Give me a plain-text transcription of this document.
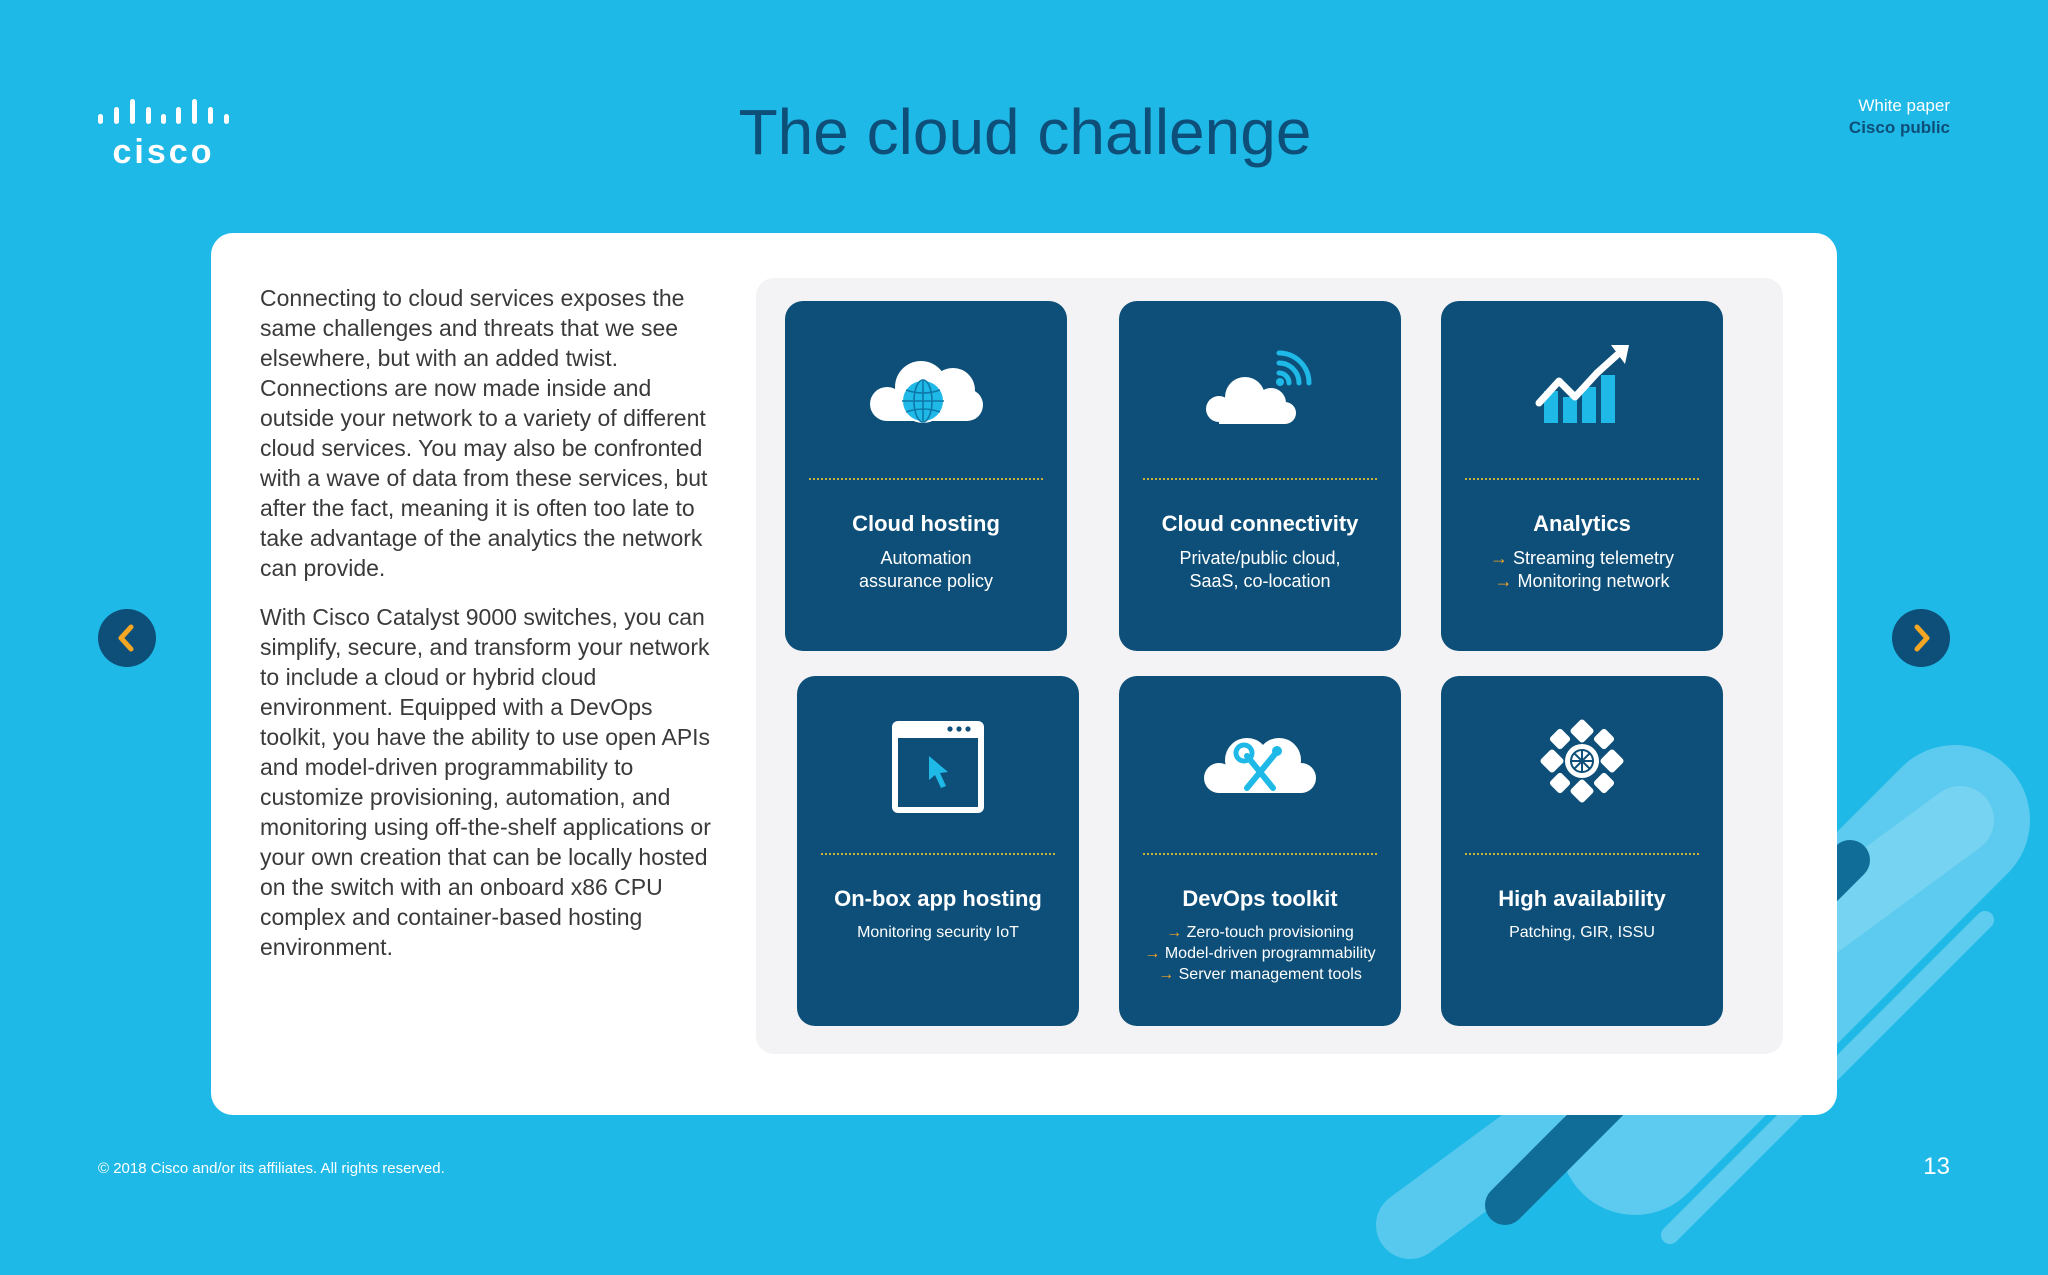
cisco	The cloud challenge	White paper
Cisco public

Connecting to cloud services exposes the same challenges and threats that we see elsewhere, but with an added twist. Connections are now made inside and outside your network to a variety of different cloud services. You may also be confronted with a wave of data from these services, but after the fact, meaning it is often too late to take advantage of the analytics the network can provide.

With Cisco Catalyst 9000 switches, you can simplify, secure, and transform your network to include a cloud or hybrid cloud environment. Equipped with a DevOps toolkit, you have the ability to use open APIs and model-driven programmability to customize provisioning, automation, and monitoring using off-the-shelf applications or your own creation that can be locally hosted on the switch with an onboard x86 CPU complex and container-based hosting environment.

Cloud hosting
Automation
assurance policy
Cloud connectivity
Private/public cloud,
SaaS, co-location
Analytics
→ Streaming telemetry
→ Monitoring network
On-box app hosting
Monitoring security IoT
DevOps toolkit
→ Zero-touch provisioning
→ Model-driven programmability
→ Server management tools
High availability
Patching, GIR, ISSU
© 2018 Cisco and/or its affiliates. All rights reserved.	13
